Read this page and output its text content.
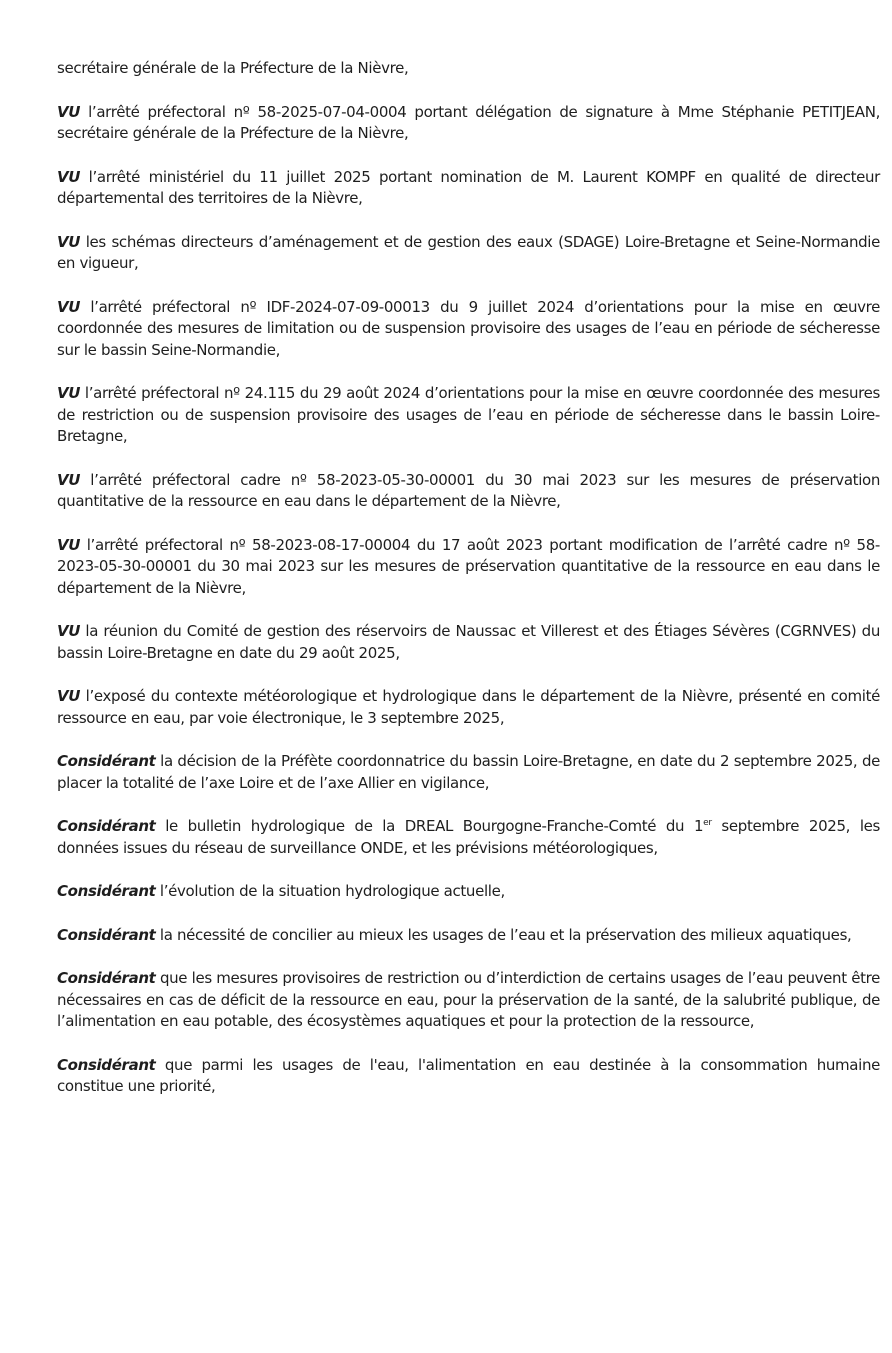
secrétaire générale de la Préfecture de la Nièvre,

VU l’arrêté préfectoral nº 58-2025-07-04-0004 portant délégation de signature à Mme Stéphanie PETITJEAN, secrétaire générale de la Préfecture de la Nièvre,

VU l’arrêté ministériel du 11 juillet 2025 portant nomination de M. Laurent KOMPF en qualité de directeur départemental des territoires de la Nièvre,

VU les schémas directeurs d’aménagement et de gestion des eaux (SDAGE) Loire-Bretagne et Seine-Normandie en vigueur,

VU l’arrêté préfectoral nº IDF-2024-07-09-00013 du 9 juillet 2024 d’orientations pour la mise en œuvre coordonnée des mesures de limitation ou de suspension provisoire des usages de l’eau en période de sécheresse sur le bassin Seine-Normandie,

VU l’arrêté préfectoral nº 24.115 du 29 août 2024 d’orientations pour la mise en œuvre coordonnée des mesures de restriction ou de suspension provisoire des usages de l’eau en période de sécheresse dans le bassin Loire-Bretagne,

VU l’arrêté préfectoral cadre nº 58-2023-05-30-00001 du 30 mai 2023 sur les mesures de préservation quantitative de la ressource en eau dans le département de la Nièvre,

VU l’arrêté préfectoral nº 58-2023-08-17-00004 du 17 août 2023 portant modification de l’arrêté cadre nº 58-2023-05-30-00001 du 30 mai 2023 sur les mesures de préservation quantitative de la ressource en eau dans le département de la Nièvre,

VU la réunion du Comité de gestion des réservoirs de Naussac et Villerest et des Étiages Sévères (CGRNVES) du bassin Loire-Bretagne en date du 29 août 2025,

VU l’exposé du contexte météorologique et hydrologique dans le département de la Nièvre, présenté en comité ressource en eau, par voie électronique, le 3 septembre 2025,

Considérant la décision de la Préfète coordonnatrice du bassin Loire-Bretagne, en date du 2 septembre 2025, de placer la totalité de l’axe Loire et de l’axe Allier en vigilance,

Considérant le bulletin hydrologique de la DREAL Bourgogne-Franche-Comté du 1er septembre 2025, les données issues du réseau de surveillance ONDE, et les prévisions météorologiques,

Considérant l’évolution de la situation hydrologique actuelle,

Considérant la nécessité de concilier au mieux les usages de l’eau et la préservation des milieux aquatiques,

Considérant que les mesures provisoires de restriction ou d’interdiction de certains usages de l’eau peuvent être nécessaires en cas de déficit de la ressource en eau, pour la préservation de la santé, de la salubrité publique, de l’alimentation en eau potable, des écosystèmes aquatiques et pour la protection de la ressource,

Considérant que parmi les usages de l'eau, l'alimentation en eau destinée à la consommation humaine constitue une priorité,
